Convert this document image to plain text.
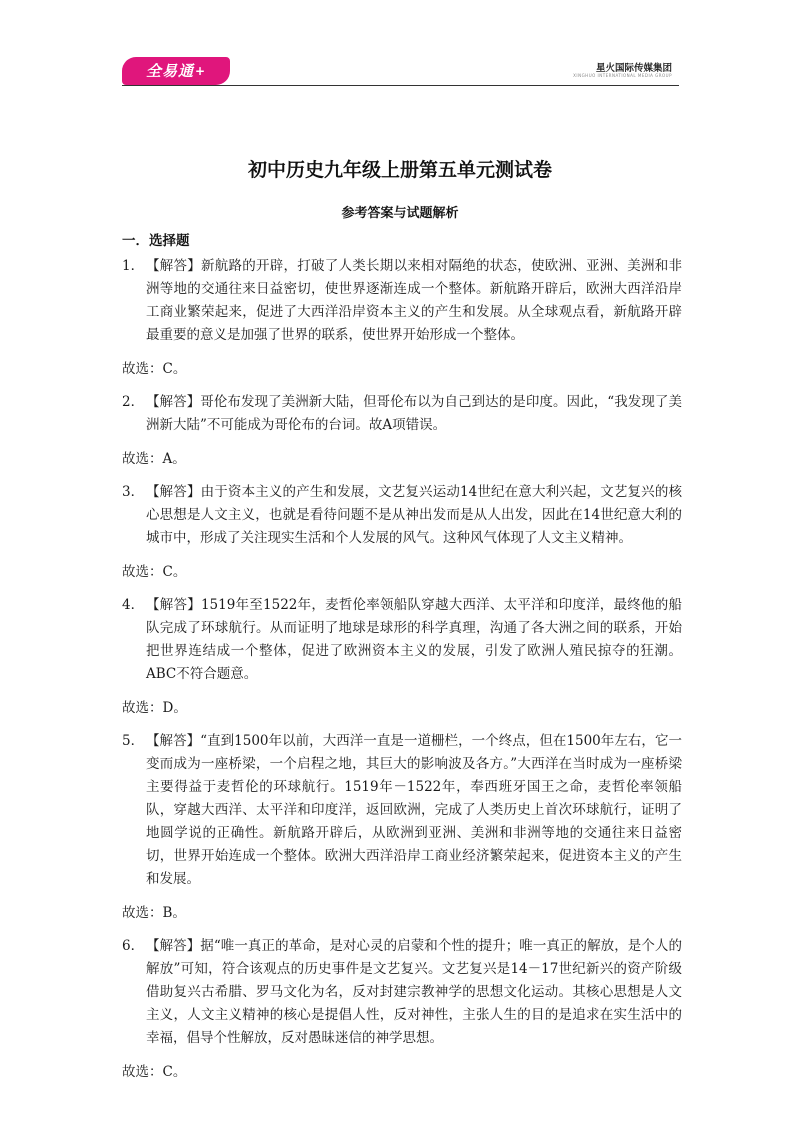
全易通+	星火国际传媒集团
XINGHUO INTERNATIONAL MEDIA GROUP
初中历史九年级上册第五单元测试卷
参考答案与试题解析
一．选择题
1． 【解答】新航路的开辟，打破了人类长期以来相对隔绝的状态，使欧洲、亚洲、美洲和非洲等地的交通往来日益密切，使世界逐渐连成一个整体。新航路开辟后，欧洲大西洋沿岸工商业繁荣起来，促进了大西洋沿岸资本主义的产生和发展。从全球观点看，新航路开辟最重要的意义是加强了世界的联系，使世界开始形成一个整体。
故选：C。
2． 【解答】哥伦布发现了美洲新大陆，但哥伦布以为自己到达的是印度。因此，“我发现了美洲新大陆”不可能成为哥伦布的台词。故A项错误。
故选：A。
3． 【解答】由于资本主义的产生和发展，文艺复兴运动14世纪在意大利兴起，文艺复兴的核心思想是人文主义，也就是看待问题不是从神出发而是从人出发，因此在14世纪意大利的城市中，形成了关注现实生活和个人发展的风气。这种风气体现了人文主义精神。
故选：C。
4． 【解答】1519年至1522年，麦哲伦率领船队穿越大西洋、太平洋和印度洋，最终他的船队完成了环球航行。从而证明了地球是球形的科学真理，沟通了各大洲之间的联系，开始把世界连结成一个整体，促进了欧洲资本主义的发展，引发了欧洲人殖民掠夺的狂潮。ABC不符合题意。
故选：D。
5． 【解答】“直到1500年以前，大西洋一直是一道栅栏，一个终点，但在1500年左右，它一变而成为一座桥梁，一个启程之地，其巨大的影响波及各方。”大西洋在当时成为一座桥梁主要得益于麦哲伦的环球航行。1519年－1522年，奉西班牙国王之命，麦哲伦率领船队，穿越大西洋、太平洋和印度洋，返回欧洲，完成了人类历史上首次环球航行，证明了地圆学说的正确性。新航路开辟后，从欧洲到亚洲、美洲和非洲等地的交通往来日益密切，世界开始连成一个整体。欧洲大西洋沿岸工商业经济繁荣起来，促进资本主义的产生和发展。
故选：B。
6． 【解答】据“唯一真正的革命，是对心灵的启蒙和个性的提升；唯一真正的解放，是个人的解放”可知，符合该观点的历史事件是文艺复兴。文艺复兴是14－17世纪新兴的资产阶级借助复兴古希腊、罗马文化为名，反对封建宗教神学的思想文化运动。其核心思想是人文主义，人文主义精神的核心是提倡人性，反对神性，主张人生的目的是追求在实生活中的幸福，倡导个性解放，反对愚昧迷信的神学思想。
故选：C。
